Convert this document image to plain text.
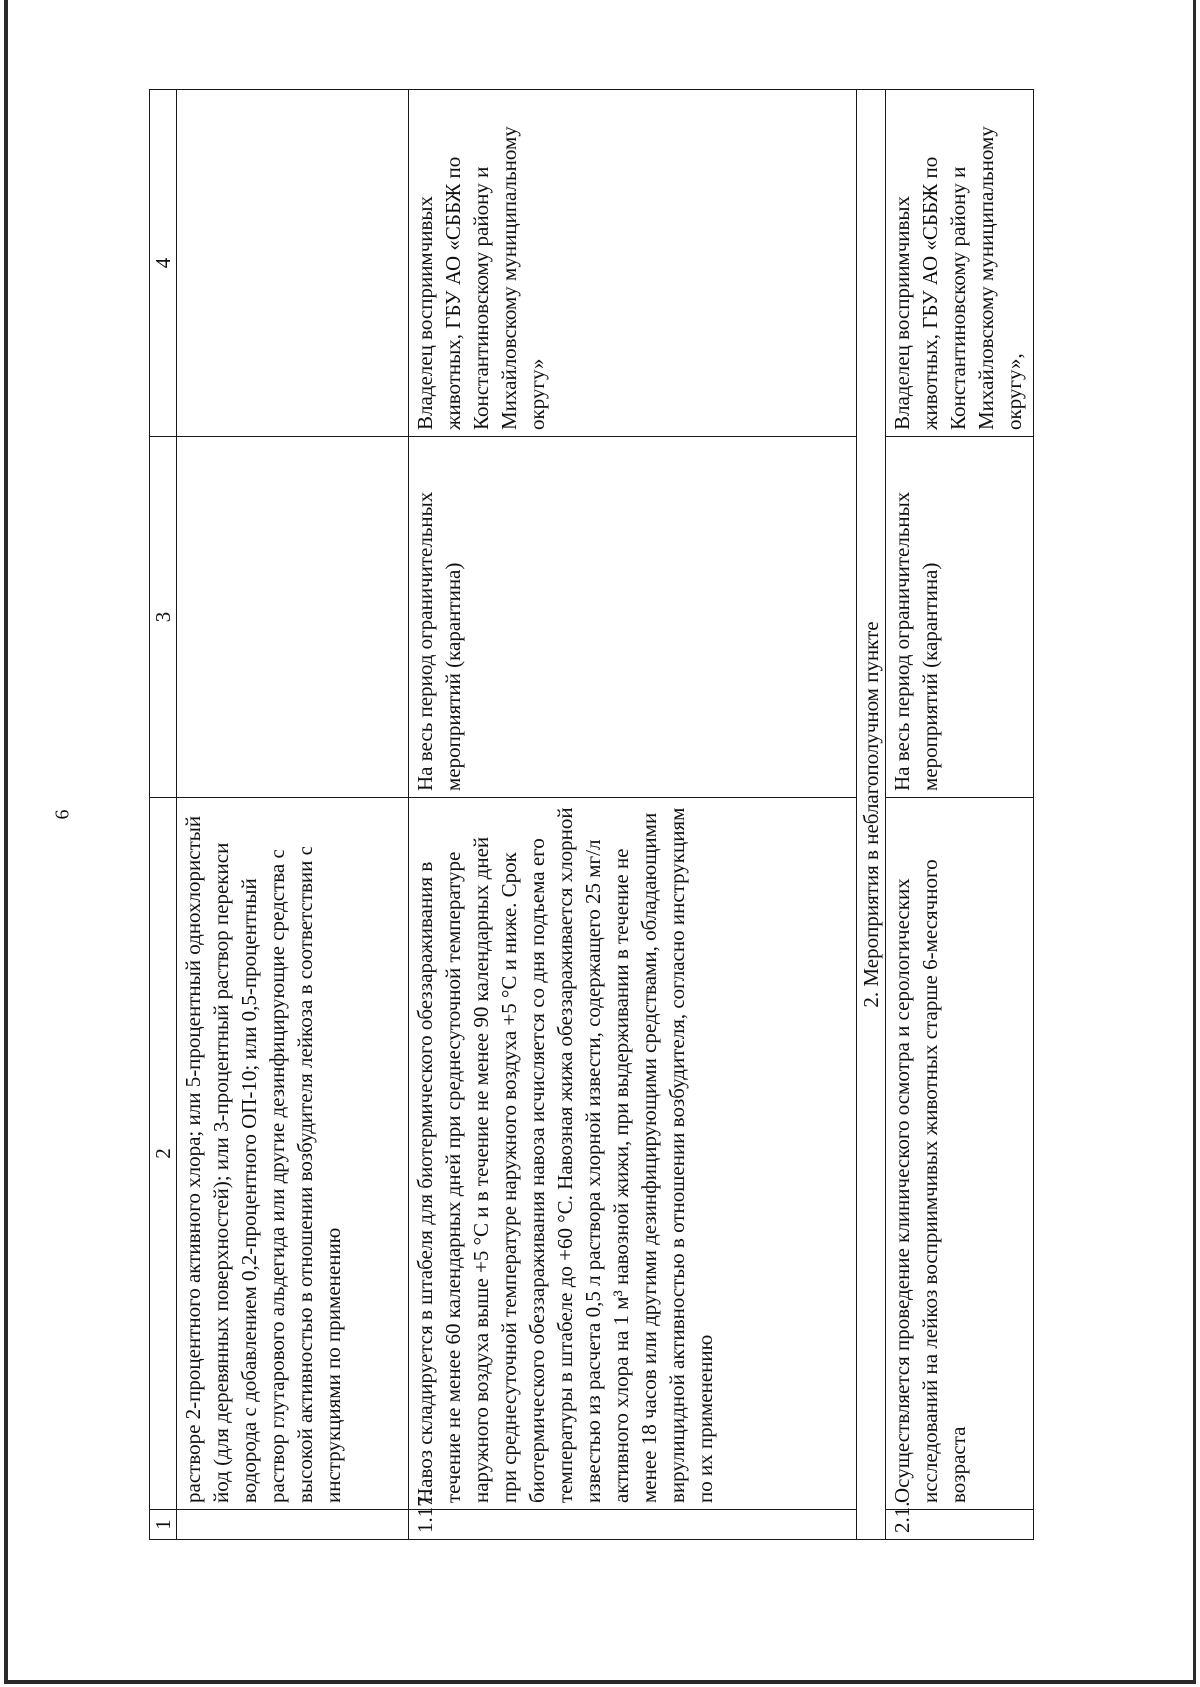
6
1	2	3	4

	растворе 2-процентного активного хлора; или 5-процентный однохлористый йод (для деревянных поверхностей); или 3-процентный раствор перекиси водорода с добавлением 0,2-процентного ОП-10; или 0,5-процентный раствор глутарового альдегида или другие дезинфицирующие средства с высокой активностью в отношении возбудителя лейкоза в соответствии с инструкциями по применению		

1.17.	Навоз складируется в штабеля для биотермического обеззараживания в течение не менее 60 календарных дней при среднесуточной температуре наружного воздуха выше +5 °С и в течение не менее 90 календарных дней при среднесуточной температуре наружного воздуха +5 °С и ниже. Срок биотермического обеззараживания навоза исчисляется со дня подъема его температуры в штабеле до +60 °С. Навозная жижа обеззараживается хлорной известью из расчета 0,5 л раствора хлорной извести, содержащего 25 мг/л активного хлора на 1 м³ навозной жижи, при выдерживании в течение не менее 18 часов или другими дезинфицирующими средствами, обладающими вирулицидной активностью в отношении возбудителя, согласно инструкциям по их применению	На весь период ограничительных мероприятий (карантина)	Владелец восприимчивых животных, ГБУ АО «СББЖ по Константиновскому району и Михайловскому муниципальному округу»
2. Мероприятия в неблагополучном пункте			
2.1.	Осуществляется проведение клинического осмотра и серологических исследований на лейкоз восприимчивых животных старше 6-месячного возраста	На весь период ограничительных мероприятий (карантина)	Владелец восприимчивых животных, ГБУ АО «СББЖ по Константиновскому району и Михайловскому муниципальному округу»,
